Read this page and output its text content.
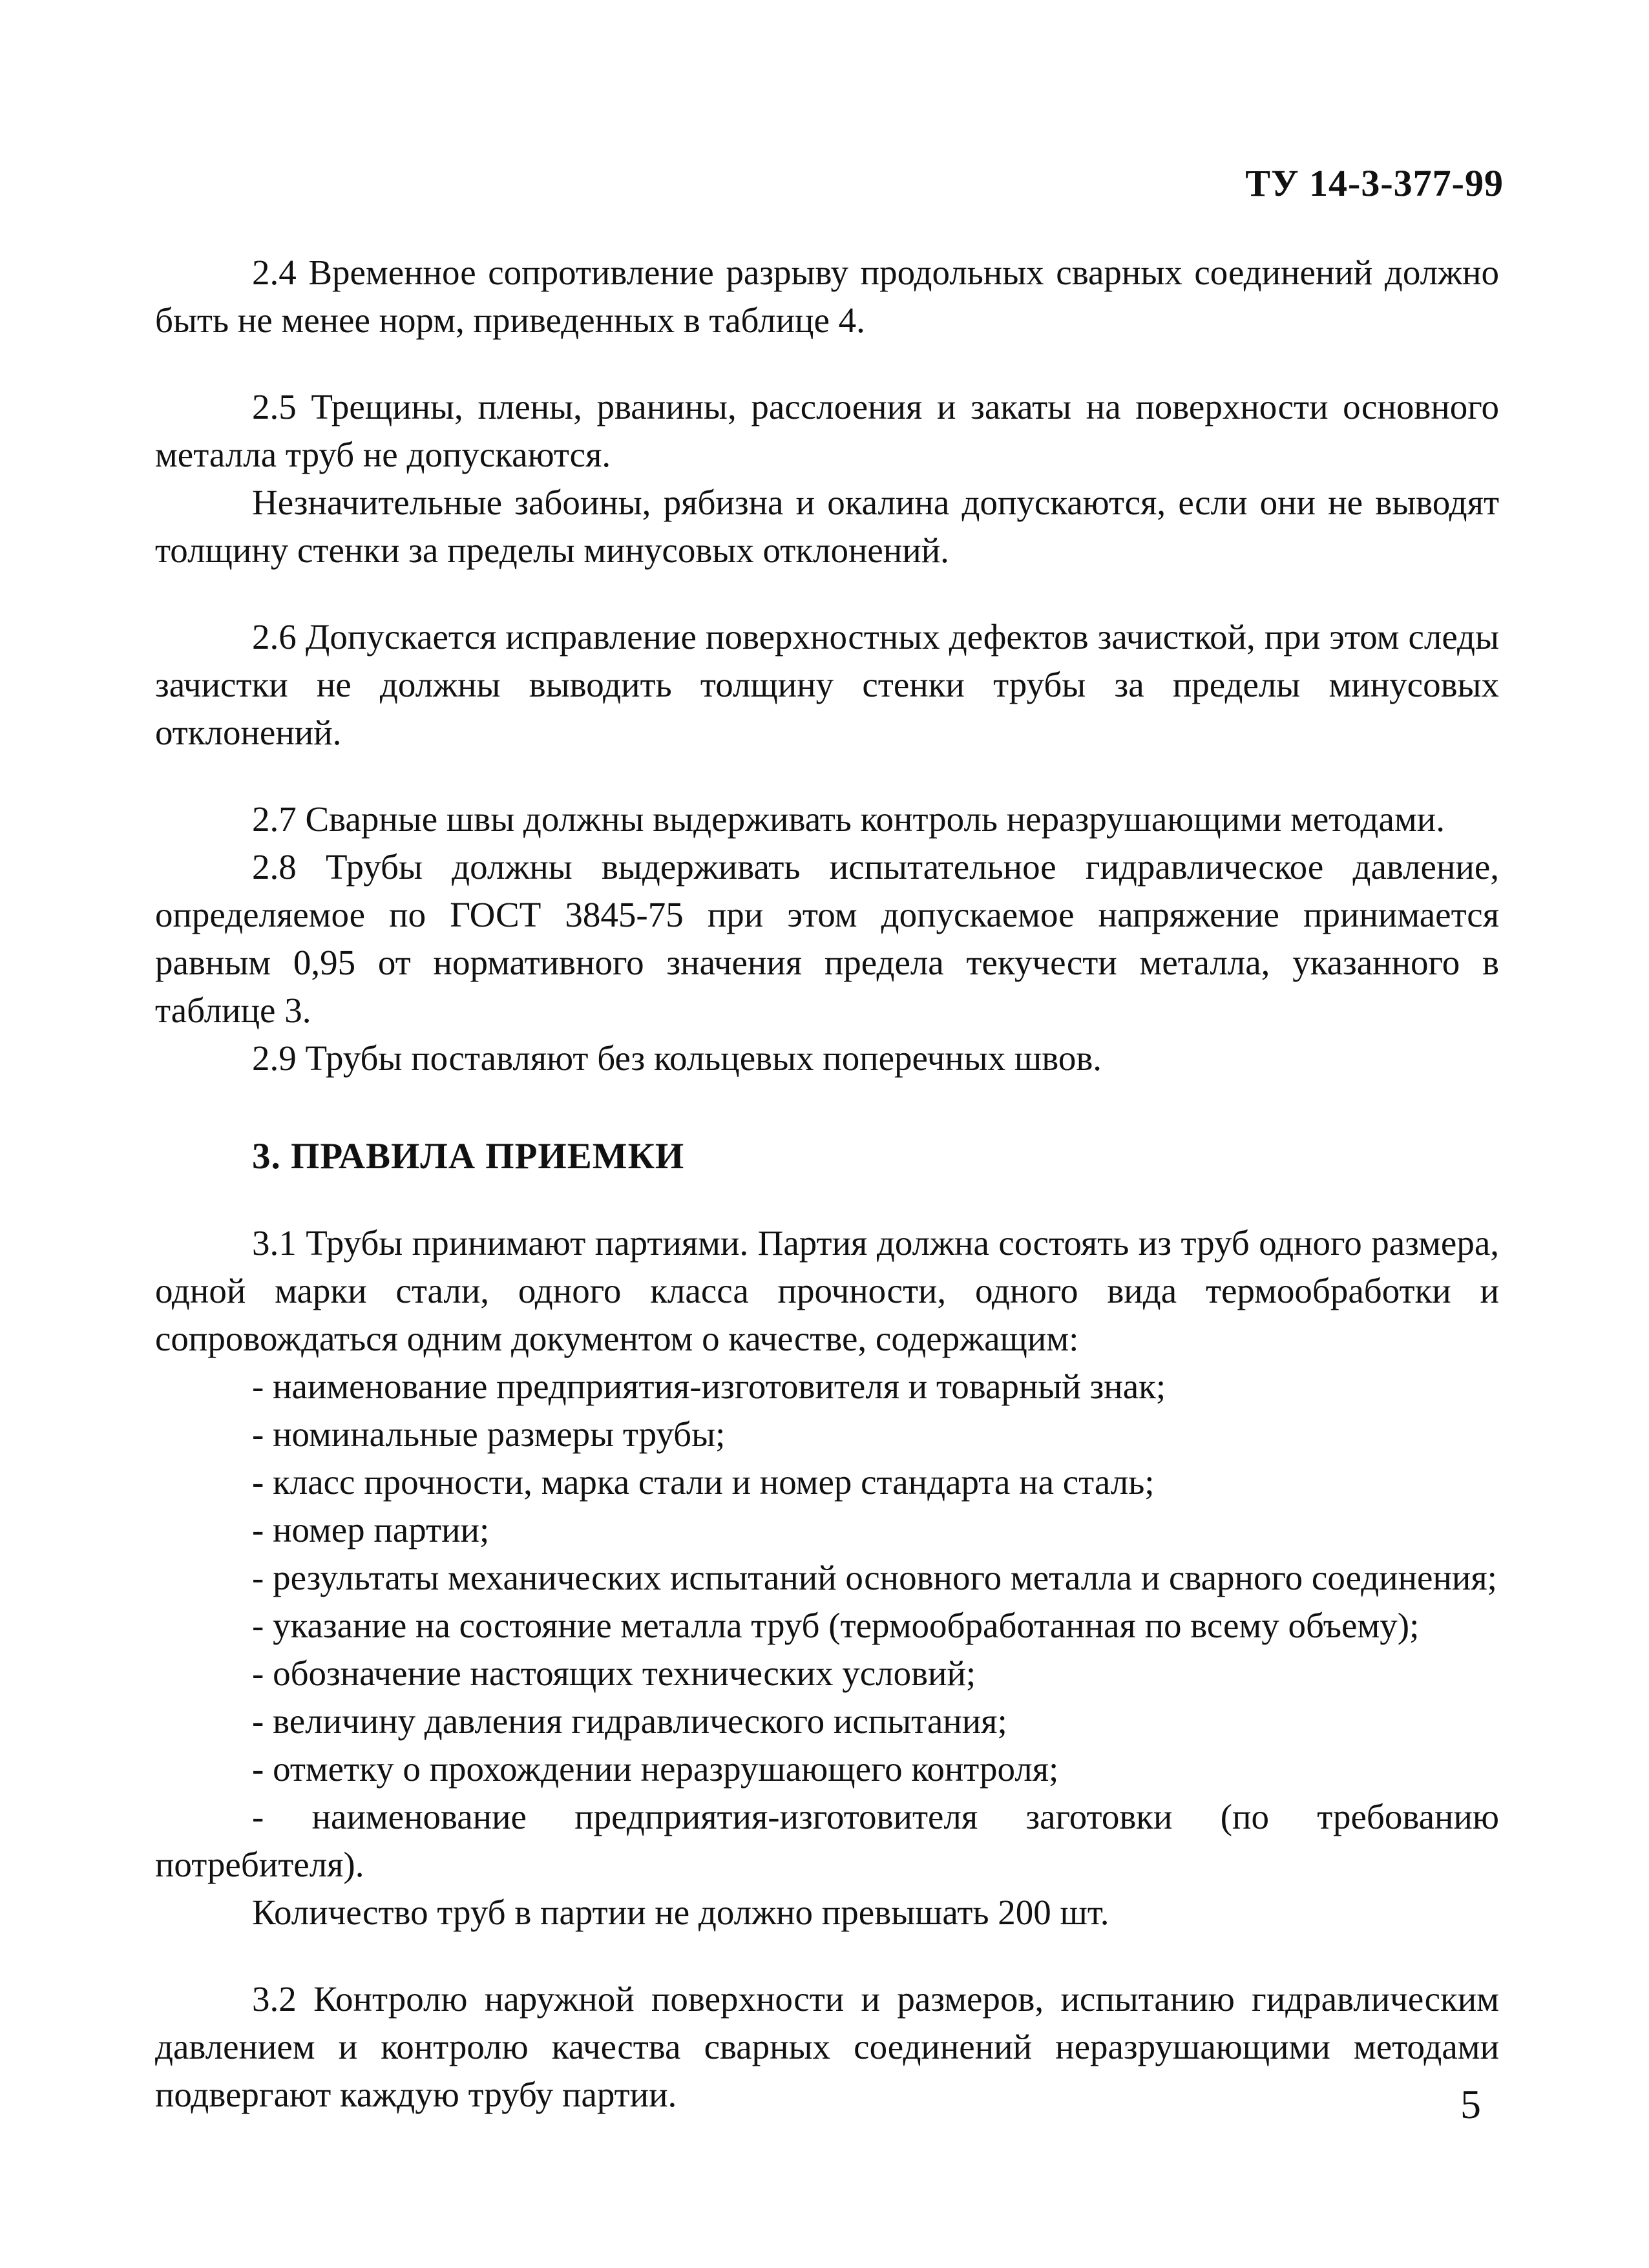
ТУ 14-3-377-99

2.4 Временное сопротивление разрыву продольных сварных соединений должно быть не менее норм, приведенных в таблице 4.

2.5 Трещины, плены, рванины, расслоения и закаты на поверхности основного металла труб не допускаются.

Незначительные забоины, рябизна и окалина допускаются, если они не выводят толщину стенки за пределы минусовых отклонений.

2.6 Допускается исправление поверхностных дефектов зачисткой, при этом следы зачистки не должны выводить толщину стенки трубы за пределы минусовых отклонений.

2.7 Сварные швы должны выдерживать контроль неразрушающими методами.

2.8 Трубы должны выдерживать испытательное гидравлическое давление, определяемое по ГОСТ 3845-75 при этом допускаемое напряжение принимается равным 0,95 от нормативного значения предела текучести металла, указанного в таблице 3.

2.9 Трубы поставляют без кольцевых поперечных швов.

3. ПРАВИЛА ПРИЕМКИ

3.1 Трубы принимают партиями. Партия должна состоять из труб одного размера, одной марки стали, одного класса прочности, одного вида термообработки и сопровождаться одним документом о качестве, содержащим:

- наименование предприятия-изготовителя и товарный знак;

- номинальные размеры трубы;

- класс прочности, марка стали и номер стандарта на сталь;

- номер партии;

- результаты механических испытаний основного металла и сварного соединения;

- указание на состояние металла труб (термообработанная по всему объему);

- обозначение настоящих технических условий;

- величину давления гидравлического испытания;

- отметку о прохождении неразрушающего контроля;

- наименование предприятия-изготовителя заготовки (по требованию потребителя).

Количество труб в партии не должно превышать 200 шт.

3.2 Контролю наружной поверхности и размеров, испытанию гидравлическим давлением и контролю качества сварных соединений неразрушающими методами подвергают каждую трубу партии.	5
